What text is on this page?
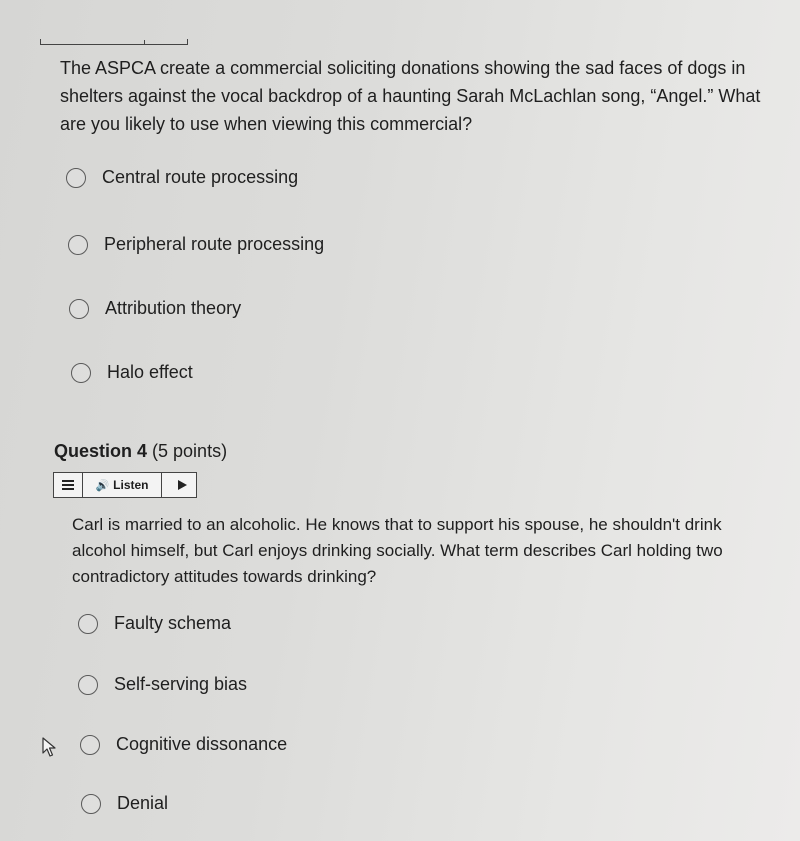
The ASPCA create a commercial soliciting donations showing the sad faces of dogs in shelters against the vocal backdrop of a haunting Sarah McLachlan song, “Angel.” What are you likely to use when viewing this commercial?
Central route processing
Peripheral route processing
Attribution theory
Halo effect
Question 4 (5 points)
🔊 Listen
Carl is married to an alcoholic. He knows that to support his spouse, he shouldn't drink alcohol himself, but Carl enjoys drinking socially. What term describes Carl holding two contradictory attitudes towards drinking?
Faulty schema
Self-serving bias
Cognitive dissonance
Denial
